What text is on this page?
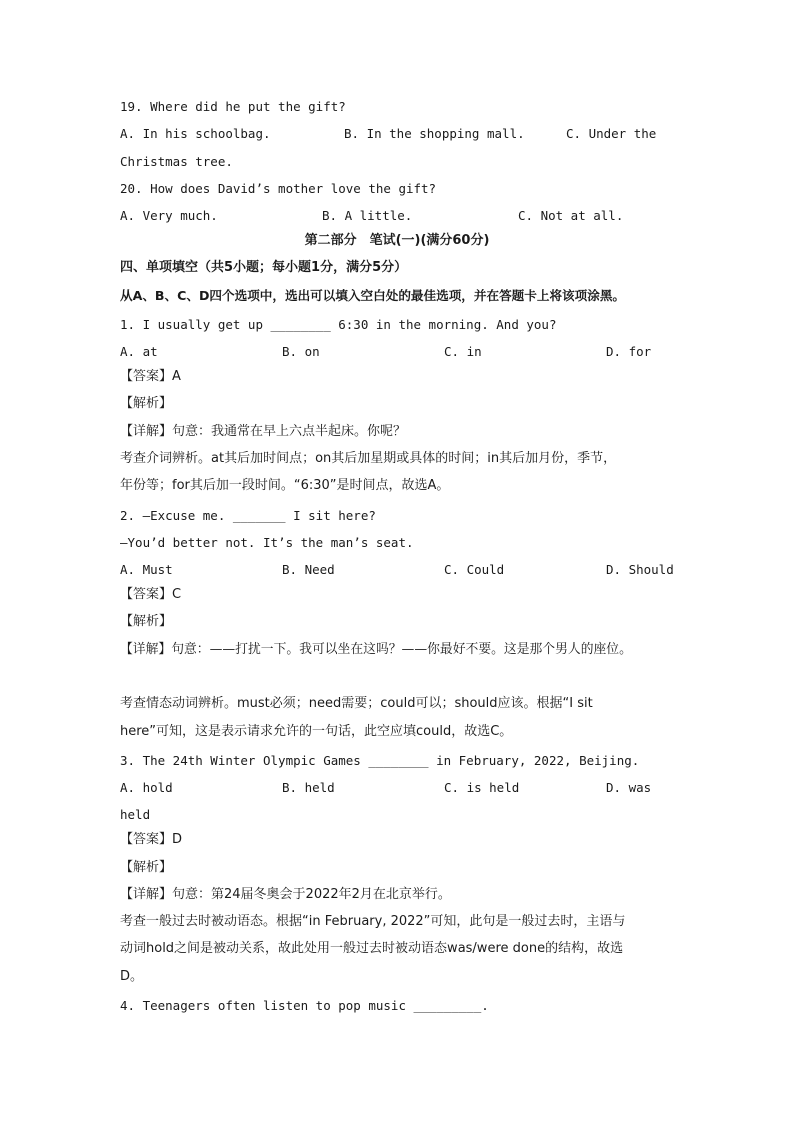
19. Where did he put the gift?
A. In his schoolbag.	B. In the shopping mall.	C. Under the
Christmas tree.
20. How does David’s mother love the gift?
A. Very much.	B. A little.	C. Not at all.
第二部分　笔试(一)(满分60分)
四、单项填空（共5小题；每小题1分，满分5分）
从A、B、C、D四个选项中，选出可以填入空白处的最佳选项，并在答题卡上将该项涂黑。
1. I usually get up ________ 6:30 in the morning. And you?
A. at	B. on	C. in	D. for
【答案】A
【解析】
【详解】句意：我通常在早上六点半起床。你呢？
考查介词辨析。at其后加时间点；on其后加星期或具体的时间；in其后加月份，季节，
年份等；for其后加一段时间。“6:30”是时间点，故选A。
2. —Excuse me. _______ I sit here?
—You’d better not. It’s the man’s seat.
A. Must	B. Need	C. Could	D. Should
【答案】C
【解析】
【详解】句意：——打扰一下。我可以坐在这吗？——你最好不要。这是那个男人的座位。
考查情态动词辨析。must必须；need需要；could可以；should应该。根据“I sit
here”可知，这是表示请求允许的一句话，此空应填could，故选C。
3. The 24th Winter Olympic Games ________ in February, 2022, Beijing.
A. hold	B. held	C. is held	D. was
held
【答案】D
【解析】
【详解】句意：第24届冬奥会于2022年2月在北京举行。
考查一般过去时被动语态。根据“in February, 2022”可知，此句是一般过去时，主语与
动词hold之间是被动关系，故此处用一般过去时被动语态was/were done的结构，故选
D。
4. Teenagers often listen to pop music _________.
